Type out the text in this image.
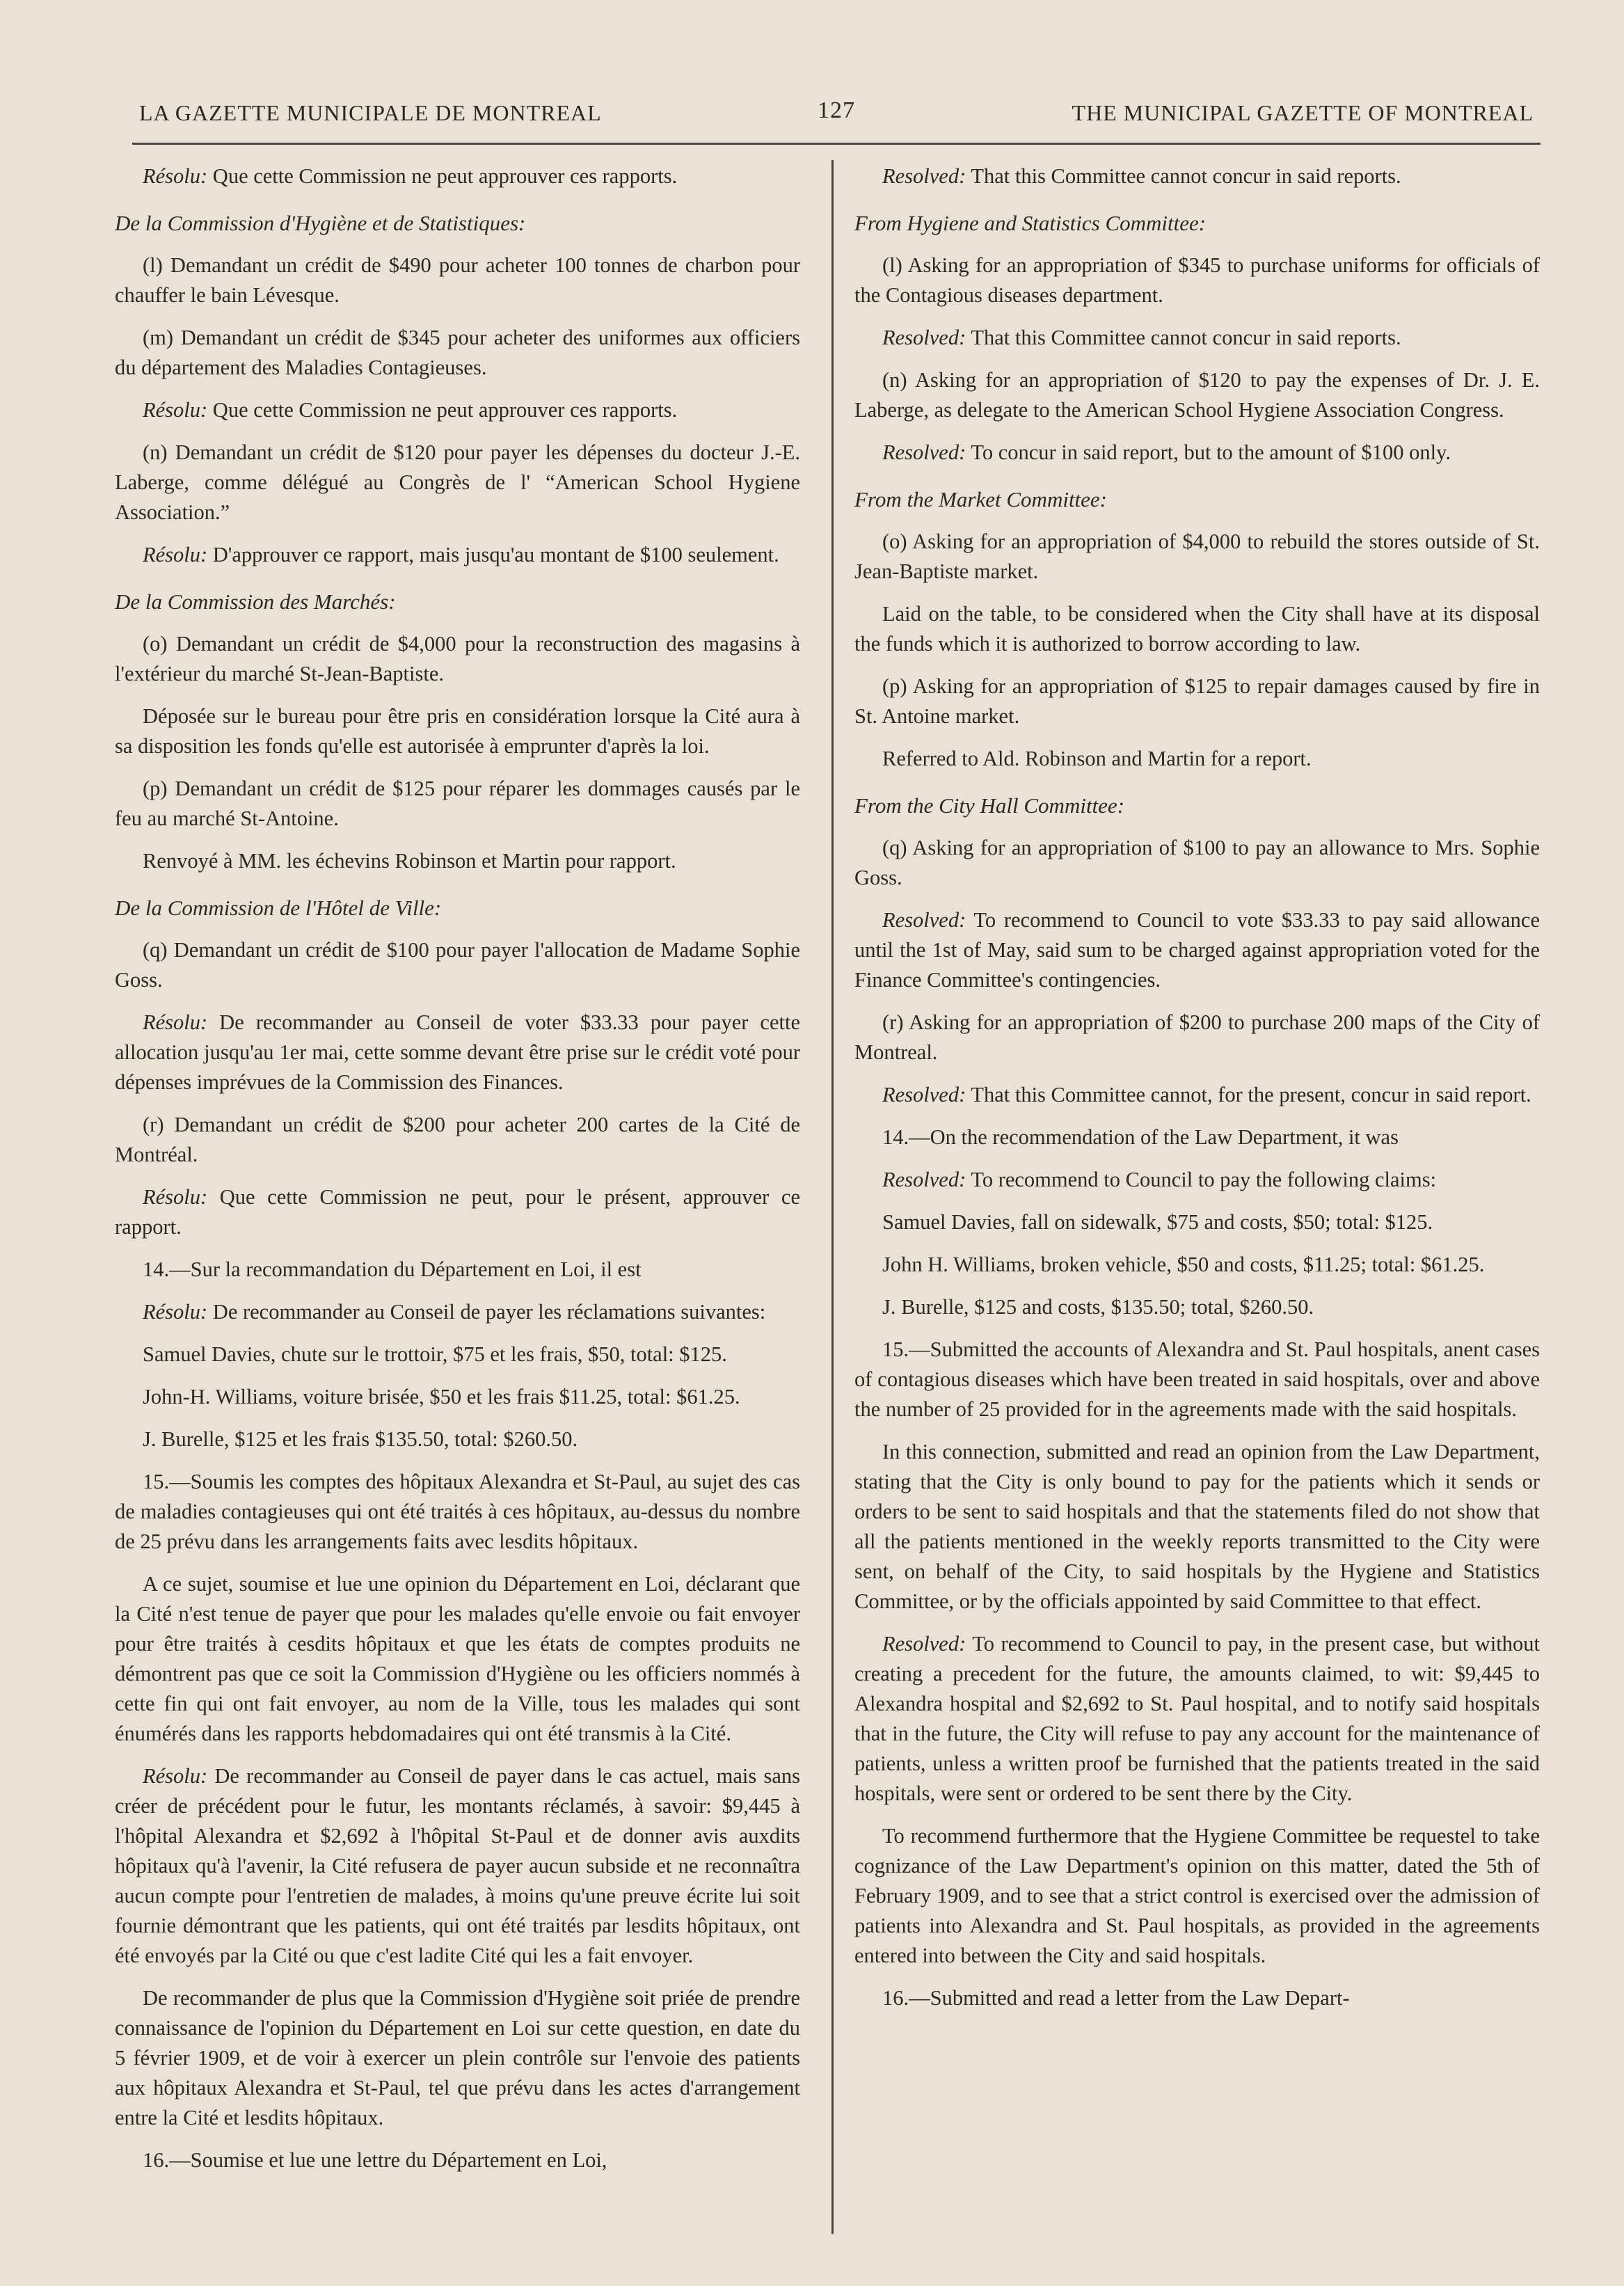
LA GAZETTE MUNICIPALE DE MONTREAL	127	THE MUNICIPAL GAZETTE OF MONTREAL

Résolu: Que cette Commission ne peut approuver ces rapports.

De la Commission d'Hygiène et de Statistiques:

(l) Demandant un crédit de $490 pour acheter 100 tonnes de charbon pour chauffer le bain Lévesque.

(m) Demandant un crédit de $345 pour acheter des uniformes aux officiers du département des Maladies Contagieuses.

Résolu: Que cette Commission ne peut approuver ces rapports.

(n) Demandant un crédit de $120 pour payer les dépenses du docteur J.-E. Laberge, comme délégué au Congrès de l' “American School Hygiene Association.”

Résolu: D'approuver ce rapport, mais jusqu'au montant de $100 seulement.

De la Commission des Marchés:

(o) Demandant un crédit de $4,000 pour la reconstruction des magasins à l'extérieur du marché St-Jean-Baptiste.

Déposée sur le bureau pour être pris en considération lorsque la Cité aura à sa disposition les fonds qu'elle est autorisée à emprunter d'après la loi.

(p) Demandant un crédit de $125 pour réparer les dommages causés par le feu au marché St-Antoine.

Renvoyé à MM. les échevins Robinson et Martin pour rapport.

De la Commission de l'Hôtel de Ville:

(q) Demandant un crédit de $100 pour payer l'allocation de Madame Sophie Goss.

Résolu: De recommander au Conseil de voter $33.33 pour payer cette allocation jusqu'au 1er mai, cette somme devant être prise sur le crédit voté pour dépenses imprévues de la Commission des Finances.

(r) Demandant un crédit de $200 pour acheter 200 cartes de la Cité de Montréal.

Résolu: Que cette Commission ne peut, pour le présent, approuver ce rapport.

14.—Sur la recommandation du Département en Loi, il est

Résolu: De recommander au Conseil de payer les réclamations suivantes:

Samuel Davies, chute sur le trottoir, $75 et les frais, $50, total: $125.

John-H. Williams, voiture brisée, $50 et les frais $11.25, total: $61.25.

J. Burelle, $125 et les frais $135.50, total: $260.50.

15.—Soumis les comptes des hôpitaux Alexandra et St-Paul, au sujet des cas de maladies contagieuses qui ont été traités à ces hôpitaux, au-dessus du nombre de 25 prévu dans les arrangements faits avec lesdits hôpitaux.

A ce sujet, soumise et lue une opinion du Département en Loi, déclarant que la Cité n'est tenue de payer que pour les malades qu'elle envoie ou fait envoyer pour être traités à cesdits hôpitaux et que les états de comptes produits ne démontrent pas que ce soit la Commission d'Hygiène ou les officiers nommés à cette fin qui ont fait envoyer, au nom de la Ville, tous les malades qui sont énumérés dans les rapports hebdomadaires qui ont été transmis à la Cité.

Résolu: De recommander au Conseil de payer dans le cas actuel, mais sans créer de précédent pour le futur, les montants réclamés, à savoir: $9,445 à l'hôpital Alexandra et $2,692 à l'hôpital St-Paul et de donner avis auxdits hôpitaux qu'à l'avenir, la Cité refusera de payer aucun subside et ne reconnaîtra aucun compte pour l'entretien de malades, à moins qu'une preuve écrite lui soit fournie démontrant que les patients, qui ont été traités par lesdits hôpitaux, ont été envoyés par la Cité ou que c'est ladite Cité qui les a fait envoyer.

De recommander de plus que la Commission d'Hygiène soit priée de prendre connaissance de l'opinion du Département en Loi sur cette question, en date du 5 février 1909, et de voir à exercer un plein contrôle sur l'envoie des patients aux hôpitaux Alexandra et St-Paul, tel que prévu dans les actes d'arrangement entre la Cité et lesdits hôpitaux.

16.—Soumise et lue une lettre du Département en Loi,

Resolved: That this Committee cannot concur in said reports.

From Hygiene and Statistics Committee:

(l) Asking for an appropriation of $345 to purchase uniforms for officials of the Contagious diseases department.

Resolved: That this Committee cannot concur in said reports.

(n) Asking for an appropriation of $120 to pay the expenses of Dr. J. E. Laberge, as delegate to the American School Hygiene Association Congress.

Resolved: To concur in said report, but to the amount of $100 only.

From the Market Committee:

(o) Asking for an appropriation of $4,000 to rebuild the stores outside of St. Jean-Baptiste market.

Laid on the table, to be considered when the City shall have at its disposal the funds which it is authorized to borrow according to law.

(p) Asking for an appropriation of $125 to repair damages caused by fire in St. Antoine market.

Referred to Ald. Robinson and Martin for a report.

From the City Hall Committee:

(q) Asking for an appropriation of $100 to pay an allowance to Mrs. Sophie Goss.

Resolved: To recommend to Council to vote $33.33 to pay said allowance until the 1st of May, said sum to be charged against appropriation voted for the Finance Committee's contingencies.

(r) Asking for an appropriation of $200 to purchase 200 maps of the City of Montreal.

Resolved: That this Committee cannot, for the present, concur in said report.

14.—On the recommendation of the Law Department, it was

Resolved: To recommend to Council to pay the following claims:

Samuel Davies, fall on sidewalk, $75 and costs, $50; total: $125.

John H. Williams, broken vehicle, $50 and costs, $11.25; total: $61.25.

J. Burelle, $125 and costs, $135.50; total, $260.50.

15.—Submitted the accounts of Alexandra and St. Paul hospitals, anent cases of contagious diseases which have been treated in said hospitals, over and above the number of 25 provided for in the agreements made with the said hospitals.

In this connection, submitted and read an opinion from the Law Department, stating that the City is only bound to pay for the patients which it sends or orders to be sent to said hospitals and that the statements filed do not show that all the patients mentioned in the weekly reports transmitted to the City were sent, on behalf of the City, to said hospitals by the Hygiene and Statistics Committee, or by the officials appointed by said Committee to that effect.

Resolved: To recommend to Council to pay, in the present case, but without creating a precedent for the future, the amounts claimed, to wit: $9,445 to Alexandra hospital and $2,692 to St. Paul hospital, and to notify said hospitals that in the future, the City will refuse to pay any account for the maintenance of patients, unless a written proof be furnished that the patients treated in the said hospitals, were sent or ordered to be sent there by the City.

To recommend furthermore that the Hygiene Committee be requestel to take cognizance of the Law Department's opinion on this matter, dated the 5th of February 1909, and to see that a strict control is exercised over the admission of patients into Alexandra and St. Paul hospitals, as provided in the agreements entered into between the City and said hospitals.

16.—Submitted and read a letter from the Law Depart-
